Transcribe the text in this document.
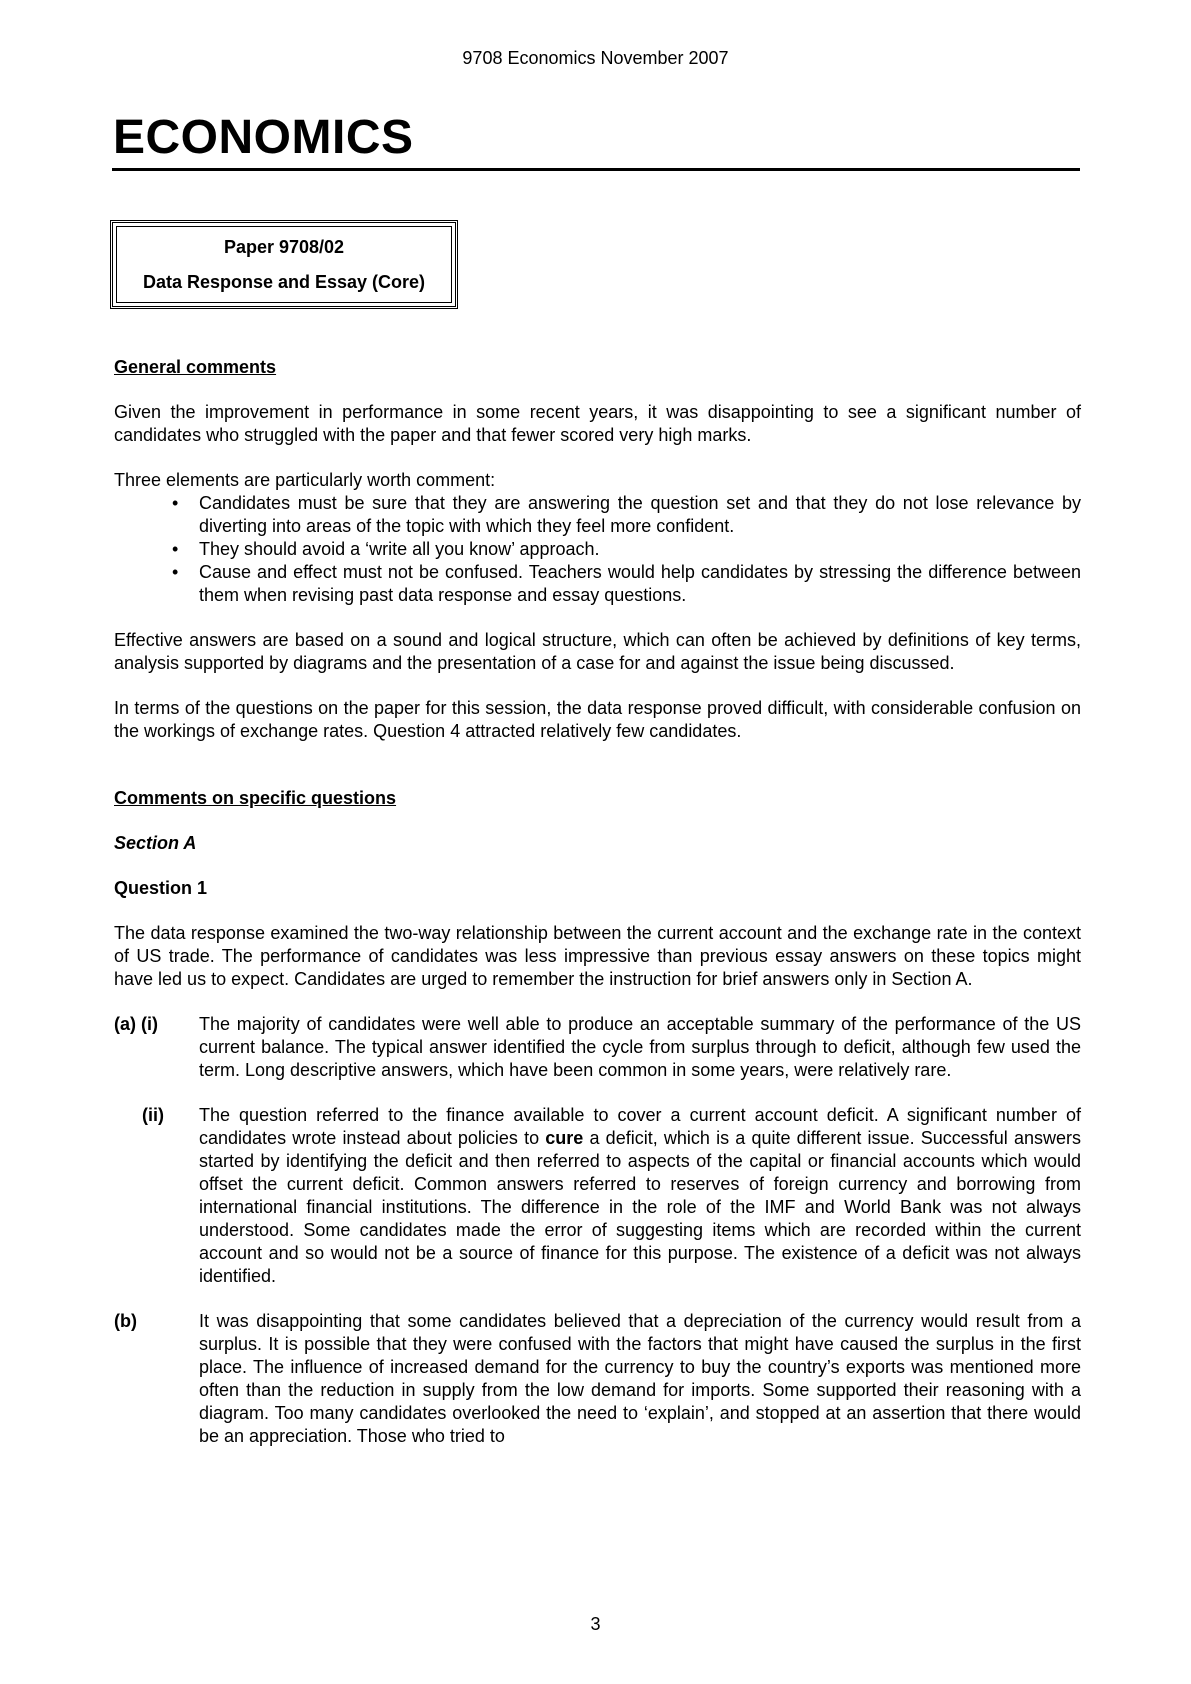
9708 Economics November 2007
ECONOMICS
Paper 9708/02
Data Response and Essay (Core)

General comments

Given the improvement in performance in some recent years, it was disappointing to see a significant number of candidates who struggled with the paper and that fewer scored very high marks.

Three elements are particularly worth comment:

• Candidates must be sure that they are answering the question set and that they do not lose relevance by diverting into areas of the topic with which they feel more confident.
• They should avoid a ‘write all you know’ approach.
• Cause and effect must not be confused. Teachers would help candidates by stressing the difference between them when revising past data response and essay questions.

Effective answers are based on a sound and logical structure, which can often be achieved by definitions of key terms, analysis supported by diagrams and the presentation of a case for and against the issue being discussed.

In terms of the questions on the paper for this session, the data response proved difficult, with considerable confusion on the workings of exchange rates. Question 4 attracted relatively few candidates.

Comments on specific questions

Section A

Question 1

The data response examined the two-way relationship between the current account and the exchange rate in the context of US trade. The performance of candidates was less impressive than previous essay answers on these topics might have led us to expect. Candidates are urged to remember the instruction for brief answers only in Section A.

(a) (i) The majority of candidates were well able to produce an acceptable summary of the performance of the US current balance. The typical answer identified the cycle from surplus through to deficit, although few used the term. Long descriptive answers, which have been common in some years, were relatively rare.

(ii) The question referred to the finance available to cover a current account deficit. A significant number of candidates wrote instead about policies to cure a deficit, which is a quite different issue. Successful answers started by identifying the deficit and then referred to aspects of the capital or financial accounts which would offset the current deficit. Common answers referred to reserves of foreign currency and borrowing from international financial institutions. The difference in the role of the IMF and World Bank was not always understood. Some candidates made the error of suggesting items which are recorded within the current account and so would not be a source of finance for this purpose. The existence of a deficit was not always identified.

(b)	It was disappointing that some candidates believed that a depreciation of the currency would result from a surplus. It is possible that they were confused with the factors that might have caused the surplus in the first place. The influence of increased demand for the currency to buy the country’s exports was mentioned more often than the reduction in supply from the low demand for imports. Some supported their reasoning with a diagram. Too many candidates overlooked the need to ‘explain’, and stopped at an assertion that there would be an appreciation. Those who tried to

3
